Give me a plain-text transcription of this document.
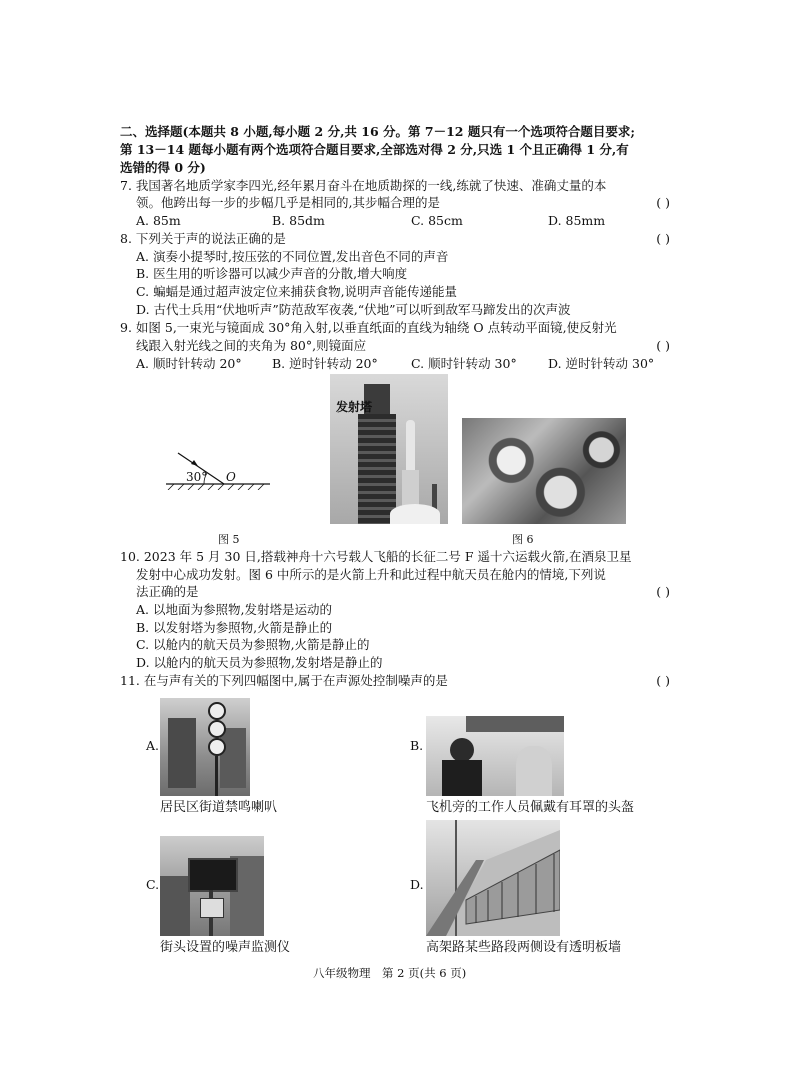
二、选择题(本题共 8 小题,每小题 2 分,共 16 分。第 7－12 题只有一个选项符合题目要求;
第 13－14 题每小题有两个选项符合题目要求,全部选对得 2 分,只选 1 个且正确得 1 分,有
选错的得 0 分)
7. 我国著名地质学家李四光,经年累月奋斗在地质勘探的一线,练就了快速、准确丈量的本
领。他跨出每一步的步幅几乎是相同的,其步幅合理的是	( )
A. 85m	B. 85dm	C. 85cm	D. 85mm
8. 下列关于声的说法正确的是	( )
A. 演奏小提琴时,按压弦的不同位置,发出音色不同的声音
B. 医生用的听诊器可以减少声音的分散,增大响度
C. 蝙蝠是通过超声波定位来捕获食物,说明声音能传递能量
D. 古代士兵用“伏地听声”防范敌军夜袭,“伏地”可以听到敌军马蹄发出的次声波
9. 如图 5,一束光与镜面成 30°角入射,以垂直纸面的直线为轴绕 O 点转动平面镜,使反射光
线跟入射光线之间的夹角为 80°,则镜面应	( )
A. 顺时针转动 20° B. 逆时针转动 20°	C. 顺时针转动 30°	D. 逆时针转动 30°
30° O
图 5
发射塔
图 6
10. 2023 年 5 月 30 日,搭载神舟十六号载人飞船的长征二号 F 遥十六运载火箭,在酒泉卫星
发射中心成功发射。图 6 中所示的是火箭上升和此过程中航天员在舱内的情境,下列说
法正确的是	( )
A. 以地面为参照物,发射塔是运动的
B. 以发射塔为参照物,火箭是静止的
C. 以舱内的航天员为参照物,火箭是静止的
D. 以舱内的航天员为参照物,发射塔是静止的
11. 在与声有关的下列四幅图中,属于在声源处控制噪声的是	( )
A.
居民区街道禁鸣喇叭
B.
飞机旁的工作人员佩戴有耳罩的头盔
C.
街头设置的噪声监测仪
D.
高架路某些路段两侧设有透明板墙
八年级物理　第 2 页(共 6 页)
